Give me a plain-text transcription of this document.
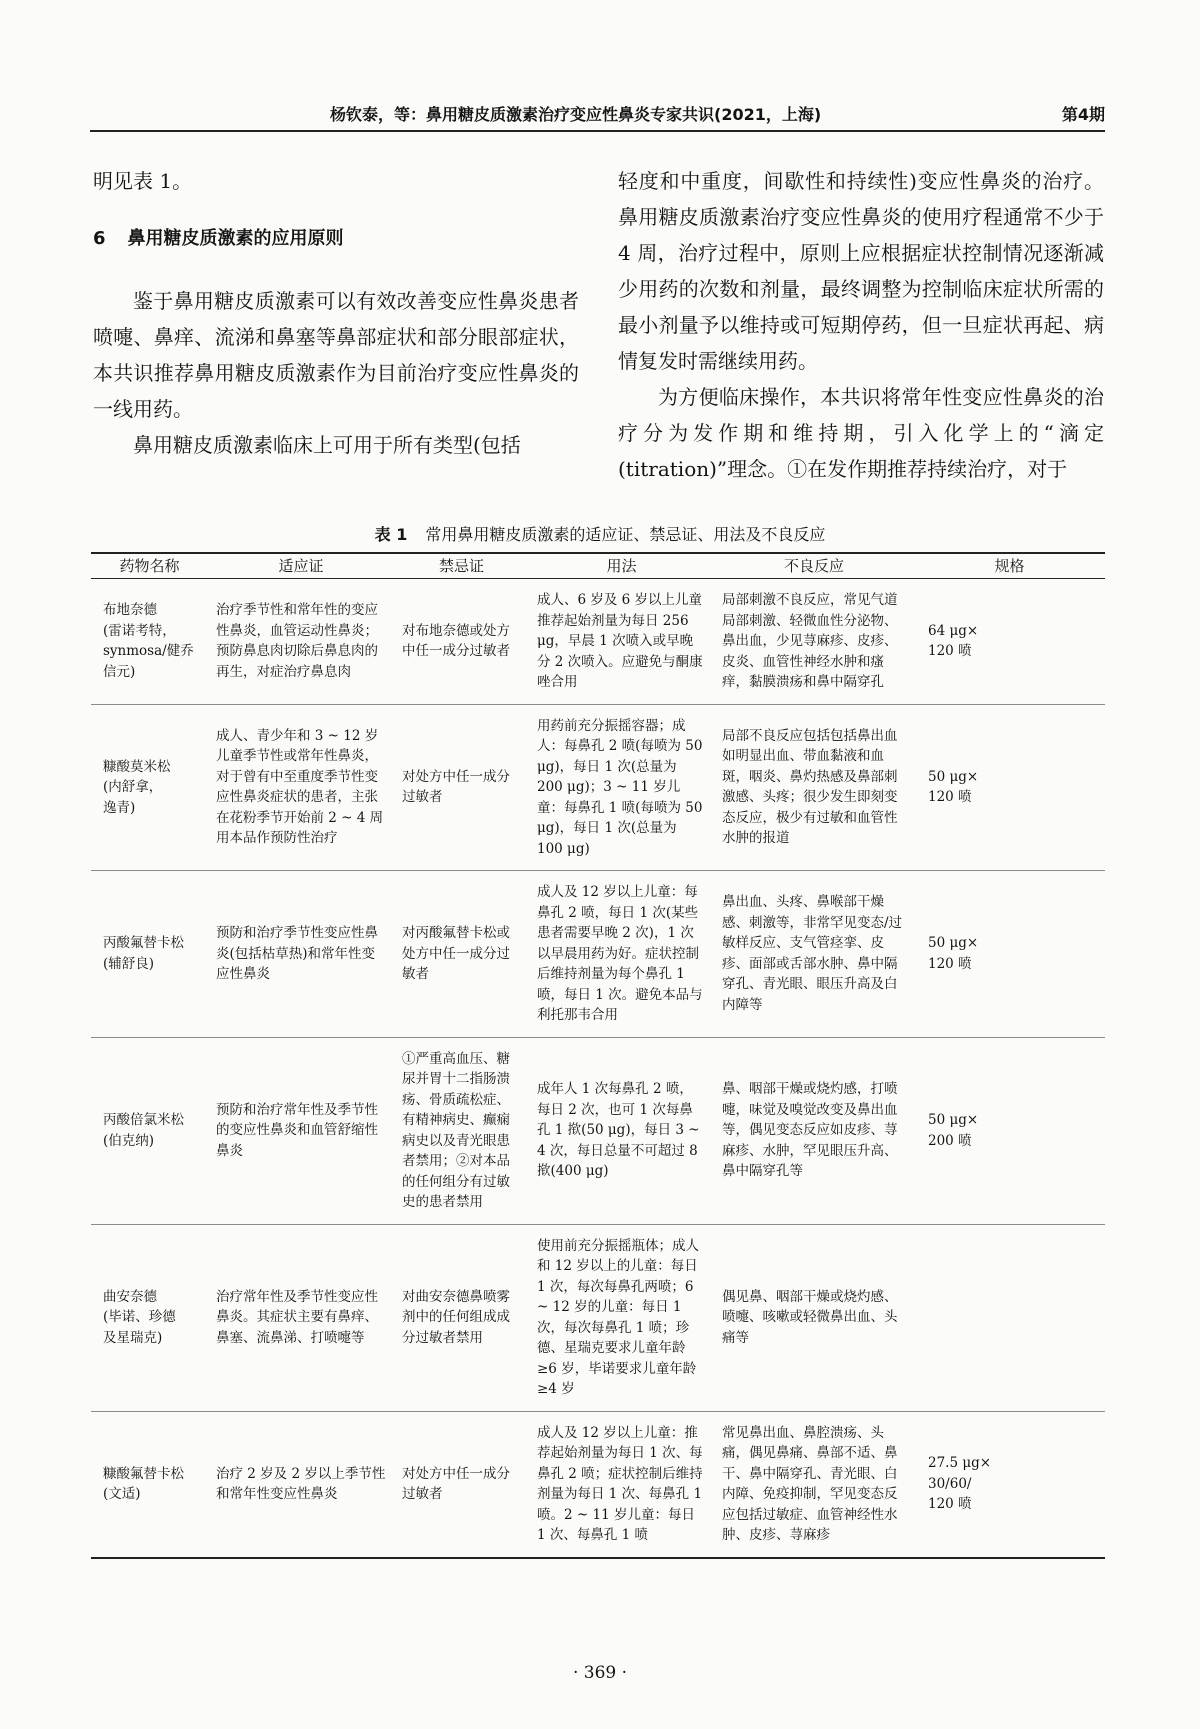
杨钦泰，等：鼻用糖皮质激素治疗变应性鼻炎专家共识(2021，上海)	第4期

明见表 1。

6 鼻用糖皮质激素的应用原则

鉴于鼻用糖皮质激素可以有效改善变应性鼻炎患者喷嚏、鼻痒、流涕和鼻塞等鼻部症状和部分眼部症状，本共识推荐鼻用糖皮质激素作为目前治疗变应性鼻炎的一线用药。

鼻用糖皮质激素临床上可用于所有类型(包括

轻度和中重度，间歇性和持续性)变应性鼻炎的治疗。鼻用糖皮质激素治疗变应性鼻炎的使用疗程通常不少于 4 周，治疗过程中，原则上应根据症状控制情况逐渐减少用药的次数和剂量，最终调整为控制临床症状所需的最小剂量予以维持或可短期停药，但一旦症状再起、病情复发时需继续用药。

为方便临床操作，本共识将常年性变应性鼻炎的治疗分为发作期和维持期，引入化学上的“滴定(titration)”理念。①在发作期推荐持续治疗，对于

表 1 常用鼻用糖皮质激素的适应证、禁忌证、用法及不良反应
药物名称	适应证	禁忌证	用法	不良反应	规格
布地奈德
(雷诺考特，
synmosa/健乔
信元)	治疗季节性和常年性的变应性鼻炎，血管运动性鼻炎；预防鼻息肉切除后鼻息肉的再生，对症治疗鼻息肉	对布地奈德或处方中任一成分过敏者	成人、6 岁及 6 岁以上儿童推荐起始剂量为每日 256 μg，早晨 1 次喷入或早晚分 2 次喷入。应避免与酮康唑合用	局部刺激不良反应，常见气道局部刺激、轻微血性分泌物、鼻出血，少见荨麻疹、皮疹、皮炎、血管性神经水肿和瘙痒，黏膜溃疡和鼻中隔穿孔	64 μg×
120 喷
糠酸莫米松
(内舒拿，
逸青)	成人、青少年和 3 ~ 12 岁儿童季节性或常年性鼻炎，对于曾有中至重度季节性变应性鼻炎症状的患者，主张在花粉季节开始前 2 ~ 4 周用本品作预防性治疗	对处方中任一成分过敏者	用药前充分振摇容器；成人：每鼻孔 2 喷(每喷为 50 μg)，每日 1 次(总量为 200 μg)；3 ~ 11 岁儿童：每鼻孔 1 喷(每喷为 50 μg)，每日 1 次(总量为 100 μg)	局部不良反应包括包括鼻出血如明显出血、带血黏液和血斑，咽炎、鼻灼热感及鼻部刺激感、头疼；很少发生即刻变态反应，极少有过敏和血管性水肿的报道	50 μg×
120 喷
丙酸氟替卡松
(辅舒良)	预防和治疗季节性变应性鼻炎(包括枯草热)和常年性变应性鼻炎	对丙酸氟替卡松或处方中任一成分过敏者	成人及 12 岁以上儿童：每鼻孔 2 喷，每日 1 次(某些患者需要早晚 2 次)，1 次以早晨用药为好。症状控制后维持剂量为每个鼻孔 1 喷，每日 1 次。避免本品与利托那韦合用	鼻出血、头疼、鼻喉部干燥感、刺激等，非常罕见变态/过敏样反应、支气管痉挛、皮疹、面部或舌部水肿、鼻中隔穿孔、青光眼、眼压升高及白内障等	50 μg×
120 喷
丙酸倍氯米松
(伯克纳)	预防和治疗常年性及季节性的变应性鼻炎和血管舒缩性鼻炎	①严重高血压、糖尿并胃十二指肠溃疡、骨质疏松症、有精神病史、癫痫病史以及青光眼患者禁用；②对本品的任何组分有过敏史的患者禁用	成年人 1 次每鼻孔 2 喷，每日 2 次，也可 1 次每鼻孔 1 揿(50 μg)，每日 3 ~ 4 次，每日总量不可超过 8 揿(400 μg)	鼻、咽部干燥或烧灼感，打喷嚏，味觉及嗅觉改变及鼻出血等，偶见变态反应如皮疹、荨麻疹、水肿，罕见眼压升高、鼻中隔穿孔等	50 μg×
200 喷
曲安奈德
(毕诺、珍德
及星瑞克)	治疗常年性及季节性变应性鼻炎。其症状主要有鼻痒、鼻塞、流鼻涕、打喷嚏等	对曲安奈德鼻喷雾剂中的任何组成成分过敏者禁用	使用前充分振摇瓶体；成人和 12 岁以上的儿童：每日 1 次，每次每鼻孔两喷；6 ~ 12 岁的儿童：每日 1 次，每次每鼻孔 1 喷；珍德、星瑞克要求儿童年龄 ≥6 岁，毕诺要求儿童年龄 ≥4 岁	偶见鼻、咽部干燥或烧灼感、喷嚏、咳嗽或轻微鼻出血、头痛等	
糠酸氟替卡松
(文适)	治疗 2 岁及 2 岁以上季节性和常年性变应性鼻炎	对处方中任一成分过敏者	成人及 12 岁以上儿童：推荐起始剂量为每日 1 次、每鼻孔 2 喷；症状控制后维持剂量为每日 1 次、每鼻孔 1 喷。2 ~ 11 岁儿童：每日 1 次、每鼻孔 1 喷	常见鼻出血、鼻腔溃疡、头痛，偶见鼻痛、鼻部不适、鼻干、鼻中隔穿孔、青光眼、白内障、免疫抑制，罕见变态反应包括过敏症、血管神经性水肿、皮疹、荨麻疹	27.5 μg×
30/60/
120 喷
· 369 ·
